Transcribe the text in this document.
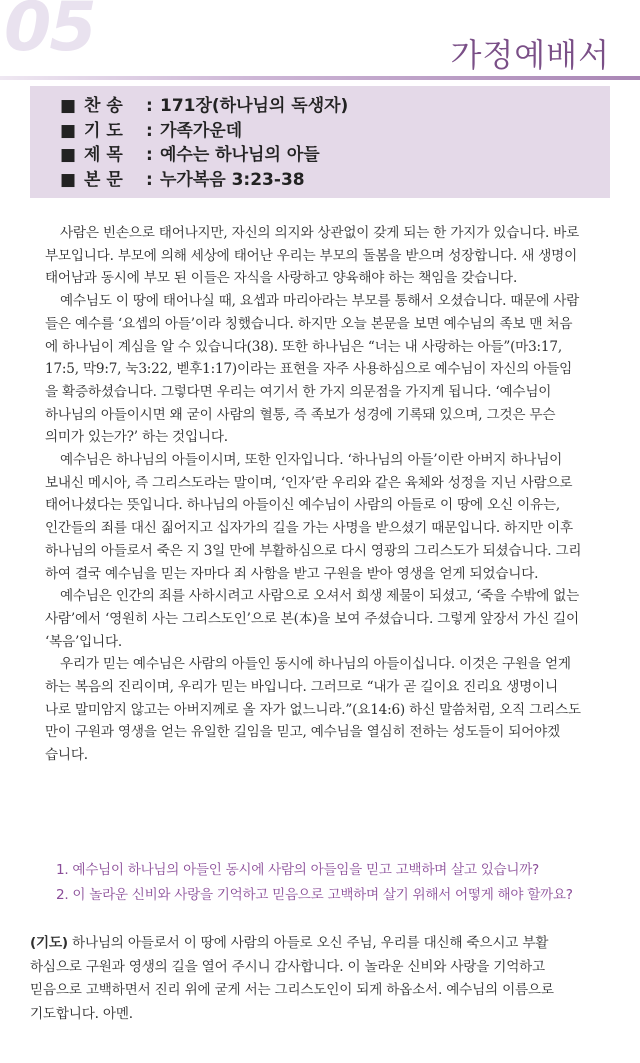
05	가정예배서
■ 찬 송 : 171장(하나님의 독생자)
■ 기 도 : 가족가운데
■ 제 목 : 예수는 하나님의 아들
■ 본 문 : 누가복음 3:23-38
사람은 빈손으로 태어나지만, 자신의 의지와 상관없이 갖게 되는 한 가지가 있습니다. 바로
부모입니다. 부모에 의해 세상에 태어난 우리는 부모의 돌봄을 받으며 성장합니다. 새 생명이
태어남과 동시에 부모 된 이들은 자식을 사랑하고 양육해야 하는 책임을 갖습니다.
예수님도 이 땅에 태어나실 때, 요셉과 마리아라는 부모를 통해서 오셨습니다. 때문에 사람
들은 예수를 ‘요셉의 아들’이라 칭했습니다. 하지만 오늘 본문을 보면 예수님의 족보 맨 처음
에 하나님이 계심을 알 수 있습니다(38). 또한 하나님은 “너는 내 사랑하는 아들”(마3:17,
17:5, 막9:7, 눅3:22, 벧후1:17)이라는 표현을 자주 사용하심으로 예수님이 자신의 아들임
을 확증하셨습니다. 그렇다면 우리는 여기서 한 가지 의문점을 가지게 됩니다. ‘예수님이
하나님의 아들이시면 왜 굳이 사람의 혈통, 즉 족보가 성경에 기록돼 있으며, 그것은 무슨
의미가 있는가?’ 하는 것입니다.
예수님은 하나님의 아들이시며, 또한 인자입니다. ‘하나님의 아들’이란 아버지 하나님이
보내신 메시아, 즉 그리스도라는 말이며, ‘인자’란 우리와 같은 육체와 성정을 지닌 사람으로
태어나셨다는 뜻입니다. 하나님의 아들이신 예수님이 사람의 아들로 이 땅에 오신 이유는,
인간들의 죄를 대신 짊어지고 십자가의 길을 가는 사명을 받으셨기 때문입니다. 하지만 이후
하나님의 아들로서 죽은 지 3일 만에 부활하심으로 다시 영광의 그리스도가 되셨습니다. 그리
하여 결국 예수님을 믿는 자마다 죄 사함을 받고 구원을 받아 영생을 얻게 되었습니다.
예수님은 인간의 죄를 사하시려고 사람으로 오셔서 희생 제물이 되셨고, ‘죽을 수밖에 없는
사람’에서 ‘영원히 사는 그리스도인’으로 본(本)을 보여 주셨습니다. 그렇게 앞장서 가신 길이
‘복음’입니다.
우리가 믿는 예수님은 사람의 아들인 동시에 하나님의 아들이십니다. 이것은 구원을 얻게
하는 복음의 진리이며, 우리가 믿는 바입니다. 그러므로 “내가 곧 길이요 진리요 생명이니
나로 말미암지 않고는 아버지께로 올 자가 없느니라.”(요14:6) 하신 말씀처럼, 오직 그리스도
만이 구원과 영생을 얻는 유일한 길임을 믿고, 예수님을 열심히 전하는 성도들이 되어야겠
습니다.
1. 예수님이 하나님의 아들인 동시에 사람의 아들임을 믿고 고백하며 살고 있습니까?
2. 이 놀라운 신비와 사랑을 기억하고 믿음으로 고백하며 살기 위해서 어떻게 해야 할까요?
(기도) 하나님의 아들로서 이 땅에 사람의 아들로 오신 주님, 우리를 대신해 죽으시고 부활
하심으로 구원과 영생의 길을 열어 주시니 감사합니다. 이 놀라운 신비와 사랑을 기억하고
믿음으로 고백하면서 진리 위에 굳게 서는 그리스도인이 되게 하옵소서. 예수님의 이름으로
기도합니다. 아멘.
